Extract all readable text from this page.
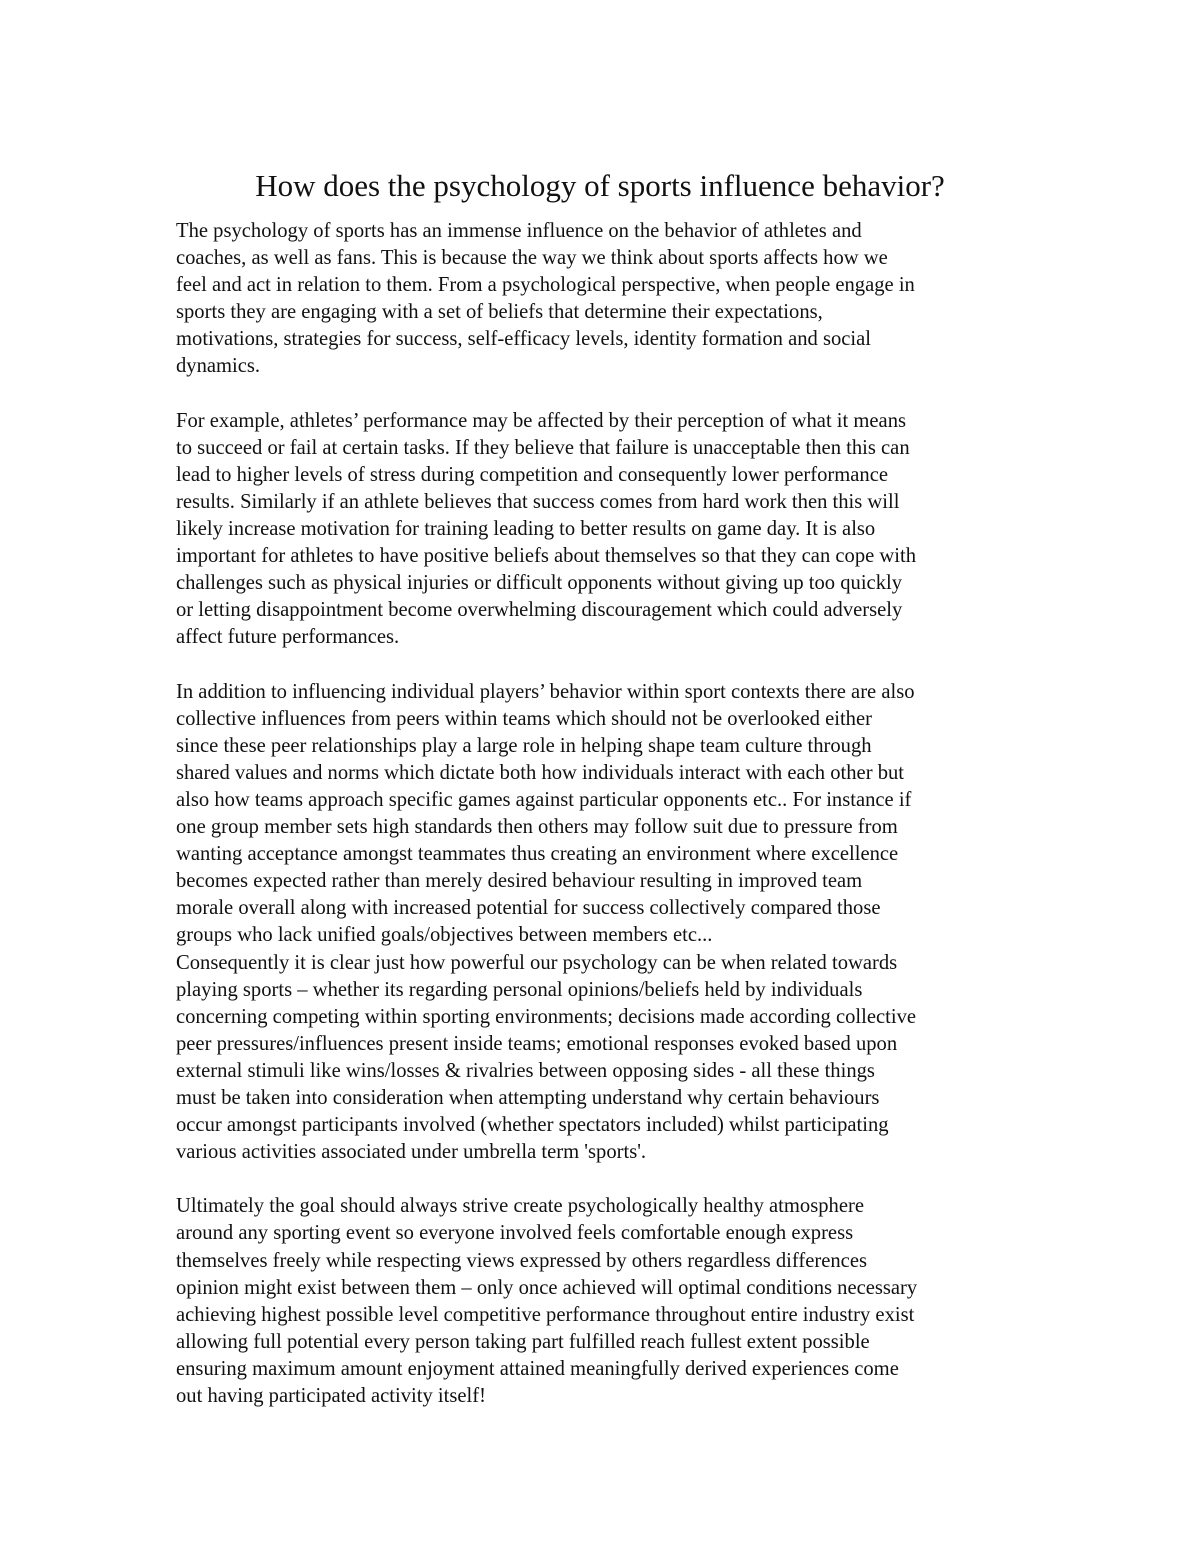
How does the psychology of sports influence behavior?

The psychology of sports has an immense influence on the behavior of athletes and
coaches, as well as fans. This is because the way we think about sports affects how we
feel and act in relation to them. From a psychological perspective, when people engage in
sports they are engaging with a set of beliefs that determine their expectations,
motivations, strategies for success, self-efficacy levels, identity formation and social
dynamics.

For example, athletes’ performance may be affected by their perception of what it means
to succeed or fail at certain tasks. If they believe that failure is unacceptable then this can
lead to higher levels of stress during competition and consequently lower performance
results. Similarly if an athlete believes that success comes from hard work then this will
likely increase motivation for training leading to better results on game day. It is also
important for athletes to have positive beliefs about themselves so that they can cope with
challenges such as physical injuries or difficult opponents without giving up too quickly
or letting disappointment become overwhelming discouragement which could adversely
affect future performances.

In addition to influencing individual players’ behavior within sport contexts there are also
collective influences from peers within teams which should not be overlooked either
since these peer relationships play a large role in helping shape team culture through
shared values and norms which dictate both how individuals interact with each other but
also how teams approach specific games against particular opponents etc.. For instance if
one group member sets high standards then others may follow suit due to pressure from
wanting acceptance amongst teammates thus creating an environment where excellence
becomes expected rather than merely desired behaviour resulting in improved team
morale overall along with increased potential for success collectively compared those
groups who lack unified goals/objectives between members etc...

Consequently it is clear just how powerful our psychology can be when related towards
playing sports – whether its regarding personal opinions/beliefs held by individuals
concerning competing within sporting environments; decisions made according collective
peer pressures/influences present inside teams; emotional responses evoked based upon
external stimuli like wins/losses & rivalries between opposing sides - all these things
must be taken into consideration when attempting understand why certain behaviours
occur amongst participants involved (whether spectators included) whilst participating
various activities associated under umbrella term 'sports'.

Ultimately the goal should always strive create psychologically healthy atmosphere
around any sporting event so everyone involved feels comfortable enough express
themselves freely while respecting views expressed by others regardless differences
opinion might exist between them – only once achieved will optimal conditions necessary
achieving highest possible level competitive performance throughout entire industry exist
allowing full potential every person taking part fulfilled reach fullest extent possible
ensuring maximum amount enjoyment attained meaningfully derived experiences come
out having participated activity itself!
